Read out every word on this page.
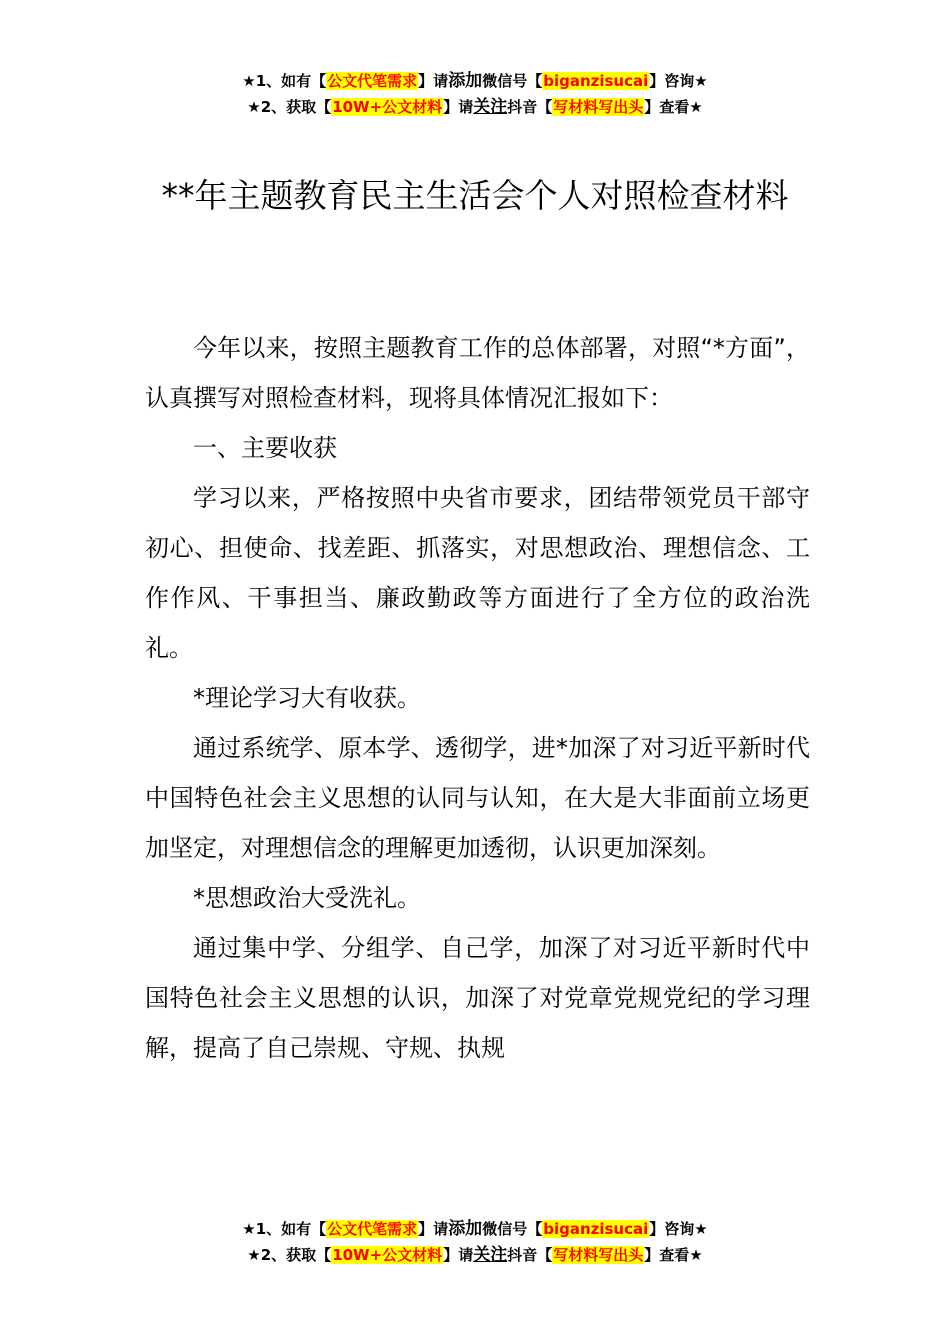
★1、如有【公文代笔需求】请添加微信号【biganzisucai】咨询★
★2、获取【10W+公文材料】请关注抖音【写材料写出头】查看★
**年主题教育民主生活会个人对照检查材料

今年以来，按照主题教育工作的总体部署，对照“*方面”，认真撰写对照检查材料，现将具体情况汇报如下：

一、主要收获

学习以来，严格按照中央省市要求，团结带领党员干部守初心、担使命、找差距、抓落实，对思想政治、理想信念、工作作风、干事担当、廉政勤政等方面进行了全方位的政治洗礼。

*理论学习大有收获。

通过系统学、原本学、透彻学，进*加深了对习近平新时代中国特色社会主义思想的认同与认知，在大是大非面前立场更加坚定，对理想信念的理解更加透彻，认识更加深刻。

*思想政治大受洗礼。

通过集中学、分组学、自己学，加深了对习近平新时代中国特色社会主义思想的认识，加深了对党章党规党纪的学习理解，提高了自己崇规、守规、执规

★1、如有【公文代笔需求】请添加微信号【biganzisucai】咨询★
★2、获取【10W+公文材料】请关注抖音【写材料写出头】查看★
